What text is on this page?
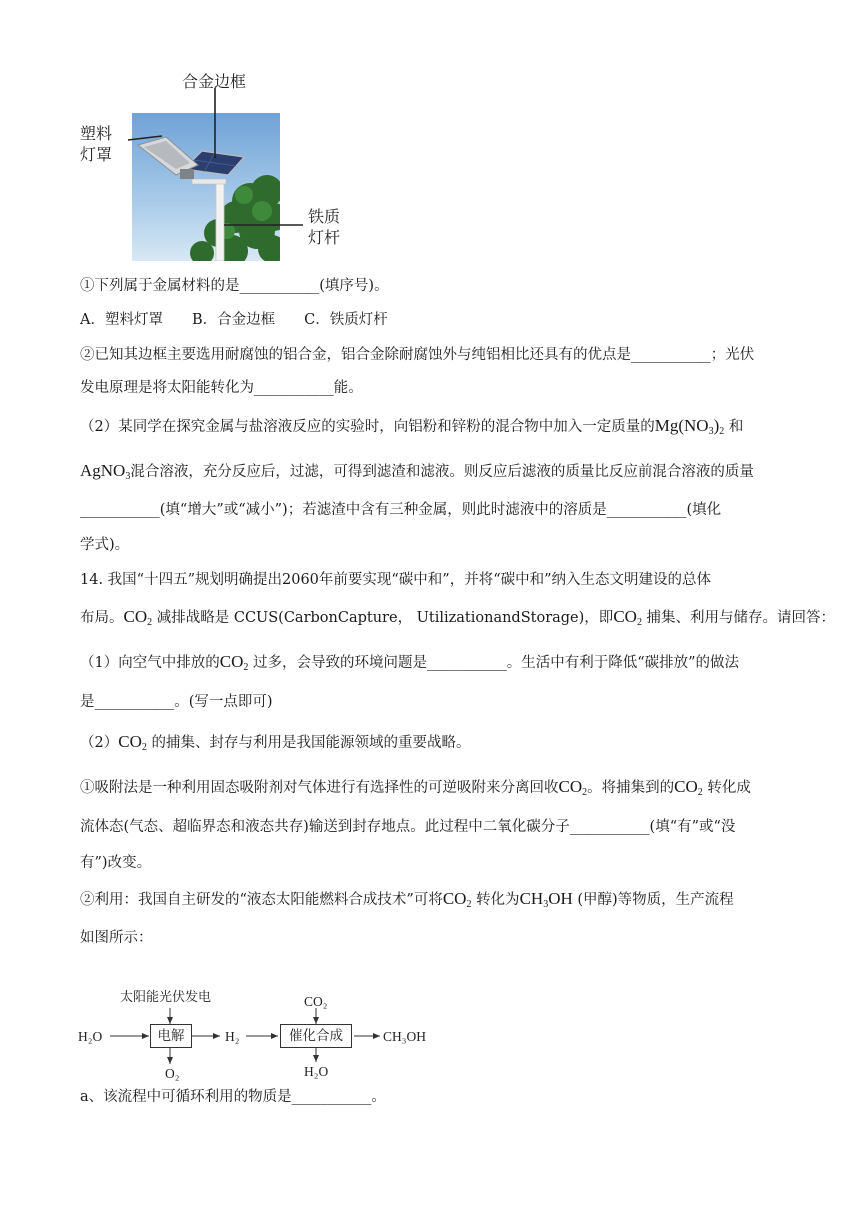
合金边框
塑料
灯罩
铁质
灯杆
①下列属于金属材料的是___________(填序号)。
A．塑料灯罩　　B．合金边框　　C．铁质灯杆
②已知其边框主要选用耐腐蚀的铝合金，铝合金除耐腐蚀外与纯铝相比还具有的优点是___________；光伏
发电原理是将太阳能转化为___________能。
（2）某同学在探究金属与盐溶液反应的实验时，向铝粉和锌粉的混合物中加入一定质量的$Mg(NO_3)_2$ 和
AgNO$_3$混合溶液，充分反应后，过滤，可得到滤渣和滤液。则反应后滤液的质量比反应前混合溶液的质量
___________(填“增大”或“减小”)；若滤渣中含有三种金属，则此时滤液中的溶质是___________(填化
学式)。
14. 我国“十四五”规划明确提出2060年前要实现“碳中和”，并将“碳中和”纳入生态文明建设的总体
布局。$CO_2$ 减排战略是 CCUS(CarbonCapture， UtilizationandStorage)，即$CO_2$ 捕集、利用与储存。请回答：
（1）向空气中排放的$CO_2$ 过多，会导致的环境问题是___________。生活中有利于降低“碳排放”的做法
是___________。(写一点即可)
$(2)CO_2$ 的捕集、封存与利用是我国能源领域的重要战略。
①吸附法是一种利用固态吸附剂对气体进行有选择性的可逆吸附来分离回收$CO_2$。将捕集到的$CO_2$ 转化成
流体态(气态、超临界态和液态共存)输送到封存地点。此过程中二氧化碳分子___________(填“有”或“没
有”)改变。
②利用：我国自主研发的“液态太阳能燃料合成技术”可将$CO_2$ 转化为$CH_3OH$ (甲醇)等物质，生产流程
如图所示：
太阳能光伏发电
H₂O	电解
O₂
H₂
CO₂
催化合成
H₂O
CH₃OH
a、该流程中可循环利用的物质是___________。
